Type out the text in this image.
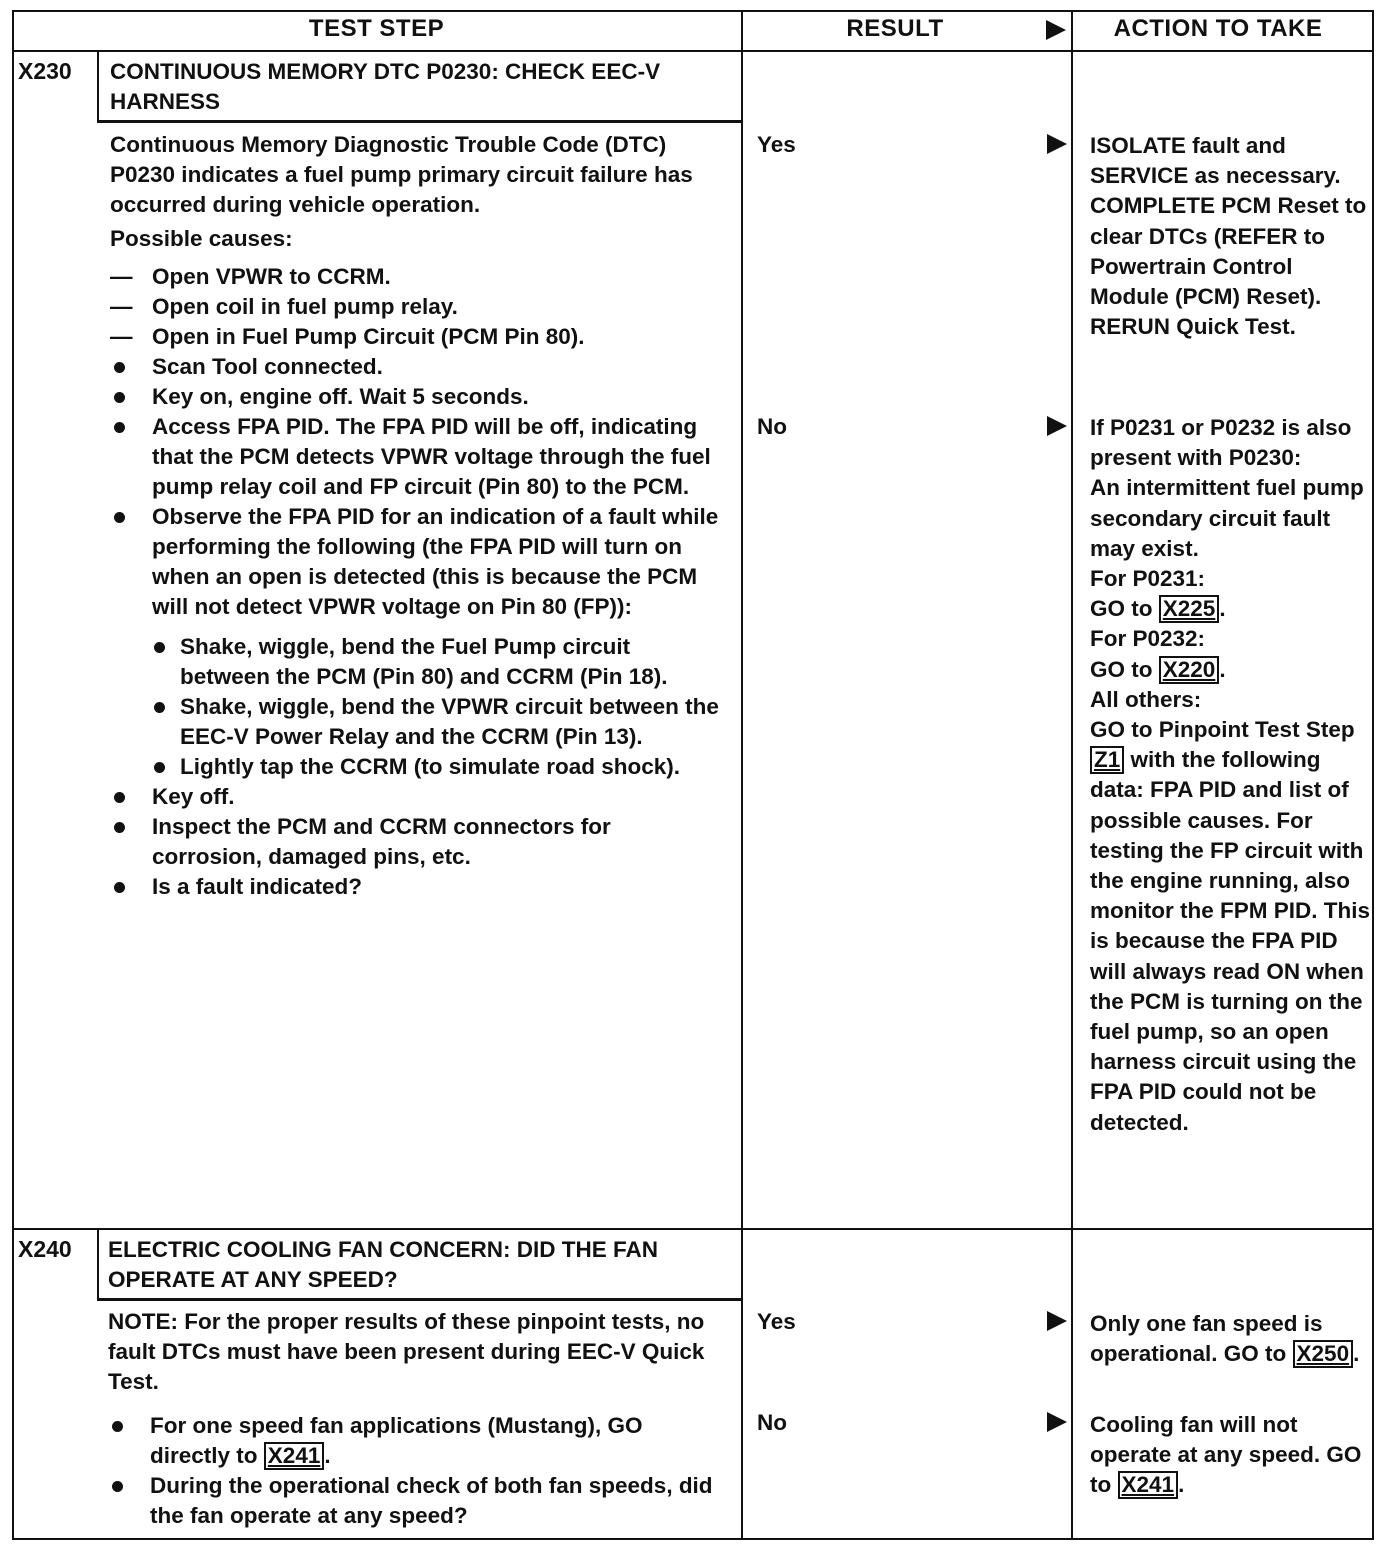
TEST STEP	RESULT	ACTION TO TAKE
X230 CONTINUOUS MEMORY DTC P0230: CHECK EEC-V HARNESS

Continuous Memory Diagnostic Trouble Code (DTC) P0230 indicates a fuel pump primary circuit failure has occurred during vehicle operation.

Possible causes:

— Open VPWR to CCRM.
— Open coil in fuel pump relay.
— Open in Fuel Pump Circuit (PCM Pin 80).
Scan Tool connected.
Key on, engine off. Wait 5 seconds.
Access FPA PID. The FPA PID will be off, indicating that the PCM detects VPWR voltage through the fuel pump relay coil and FP circuit (Pin 80) to the PCM.
Observe the FPA PID for an indication of a fault while performing the following (the FPA PID will turn on when an open is detected (this is because the PCM will not detect VPWR voltage on Pin 80 (FP)):
Shake, wiggle, bend the Fuel Pump circuit between the PCM (Pin 80) and CCRM (Pin 18).
Shake, wiggle, bend the VPWR circuit between the EEC-V Power Relay and the CCRM (Pin 13).
Lightly tap the CCRM (to simulate road shock).
Key off.
Inspect the PCM and CCRM connectors for corrosion, damaged pins, etc.
Is a fault indicated?
Yes
No
ISOLATE fault and SERVICE as necessary. COMPLETE PCM Reset to clear DTCs (REFER to Powertrain Control Module (PCM) Reset). RERUN Quick Test.
If P0231 or P0232 is also present with P0230:
An intermittent fuel pump secondary circuit fault may exist.
For P0231:
GO to X225 .
For P0232:
GO to X220 .
All others:
GO to Pinpoint Test Step Z1 with the following data: FPA PID and list of possible causes. For testing the FP circuit with the engine running, also monitor the FPM PID. This is because the FPA PID will always read ON when the PCM is turning on the fuel pump, so an open harness circuit using the FPA PID could not be detected.
X240 ELECTRIC COOLING FAN CONCERN: DID THE FAN OPERATE AT ANY SPEED?

NOTE: For the proper results of these pinpoint tests, no fault DTCs must have been present during EEC-V Quick Test.

For one speed fan applications (Mustang), GO directly to X241 .
During the operational check of both fan speeds, did the fan operate at any speed?
Yes
No
Only one fan speed is operational. GO to X250 .
Cooling fan will not operate at any speed. GO to X241 .
